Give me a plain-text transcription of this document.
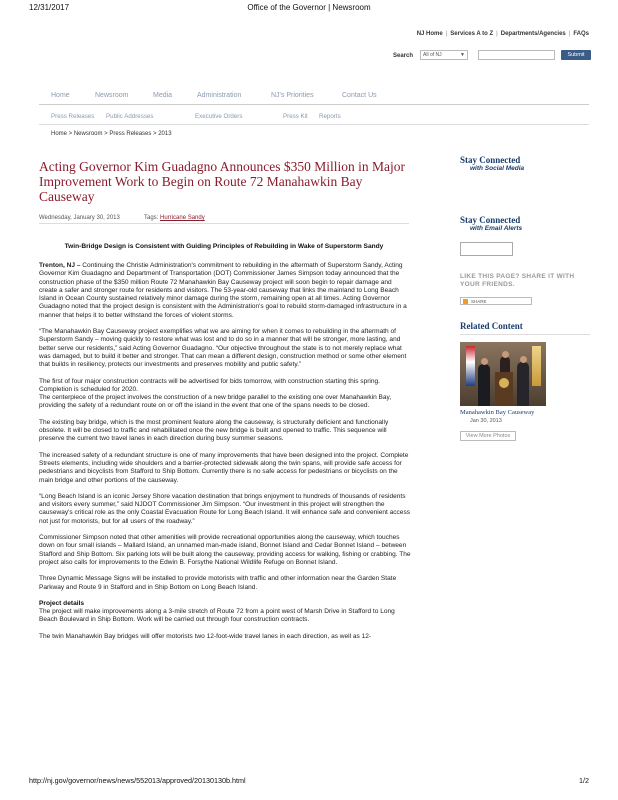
12/31/2017	Office of the Governor | Newsroom
NJ Home | Services A to Z | Departments/Agencies | FAQs
Search	All of NJ	▼	Submit
Home	Newsroom	Media	Administration	NJ's Priorities	Contact Us
Press Releases Public Addresses	Executive Orders	Press Kit Reports
Home > Newsroom > Press Releases > 2013
Acting Governor Kim Guadagno Announces $350 Million in Major Improvement Work to Begin on Route 72 Manahawkin Bay Causeway
Wednesday, January 30, 2013	Tags: Hurricane Sandy
Twin-Bridge Design is Consistent with Guiding Principles of Rebuilding in Wake of Superstorm Sandy

Trenton, NJ – Continuing the Christie Administration's commitment to rebuilding in the aftermath of Superstorm Sandy, Acting Governor Kim Guadagno and Department of Transportation (DOT) Commissioner James Simpson today announced that the construction phase of the $350 million Route 72 Manahawkin Bay Causeway project will soon begin to repair damage and create a safer and stronger route for residents and visitors. The 53-year-old causeway that links the mainland to Long Beach Island in Ocean County sustained relatively minor damage during the storm, remaining open at all times. Acting Governor Guadagno noted that the project design is consistent with the Administration's goal to rebuild storm-damaged infrastructure in a manner that helps it to better withstand the forces of violent storms.

“The Manahawkin Bay Causeway project exemplifies what we are aiming for when it comes to rebuilding in the aftermath of Superstorm Sandy – moving quickly to restore what was lost and to do so in a manner that will be stronger, more lasting, and better serve our residents,” said Acting Governor Guadagno. “Our objective throughout the state is to not merely replace what was damaged, but to build it better and stronger. That can mean a different design, construction method or some other element that builds in resiliency, protects our investments and preserves mobility and public safety.”

The first of four major construction contracts will be advertised for bids tomorrow, with construction starting this spring. Completion is scheduled for 2020.

The centerpiece of the project involves the construction of a new bridge parallel to the existing one over Manahawkin Bay, providing the safety of a redundant route on or off the island in the event that one of the spans needs to be closed.

The existing bay bridge, which is the most prominent feature along the causeway, is structurally deficient and functionally obsolete. It will be closed to traffic and rehabilitated once the new bridge is built and opened to traffic. This sequence will preserve the current two travel lanes in each direction during busy summer seasons.

The increased safety of a redundant structure is one of many improvements that have been designed into the project. Complete Streets elements, including wide shoulders and a barrier-protected sidewalk along the twin spans, will provide safe access for pedestrians and bicyclists from Stafford to Ship Bottom. Currently there is no safe access for pedestrians or bicyclists on the main bridge and other portions of the causeway.

“Long Beach Island is an iconic Jersey Shore vacation destination that brings enjoyment to hundreds of thousands of residents and visitors every summer,” said NJDOT Commissioner Jim Simpson. “Our investment in this project will strengthen the causeway's critical role as the only Coastal Evacuation Route for Long Beach Island. It will enhance safe and convenient access not just for motorists, but for all users of the roadway.”

Commissioner Simpson noted that other amenities will provide recreational opportunities along the causeway, which touches down on four small islands – Mallard Island, an unnamed man-made island, Bonnet Island and Cedar Bonnet Island – between Stafford and Ship Bottom. Six parking lots will be built along the causeway, providing access for walking, fishing or crabbing. The project also calls for improvements to the Edwin B. Forsythe National Wildlife Refuge on Bonnet Island.

Three Dynamic Message Signs will be installed to provide motorists with traffic and other information near the Garden State Parkway and Route 9 in Stafford and in Ship Bottom on Long Beach Island.

Project details

The project will make improvements along a 3-mile stretch of Route 72 from a point west of Marsh Drive in Stafford to Long Beach Boulevard in Ship Bottom. Work will be carried out through four construction contracts.

The twin Manahawkin Bay bridges will offer motorists two 12-foot-wide travel lanes in each direction, as well as 12-

Stay Connected
with Social Media
Stay Connected
with Email Alerts
LIKE THIS PAGE? SHARE IT WITH YOUR FRIENDS.
SHARE
Related Content
Manahawkin Bay Causeway
Jan 30, 2013
View More Photos
http://nj.gov/governor/news/news/552013/approved/20130130b.html	1/2
